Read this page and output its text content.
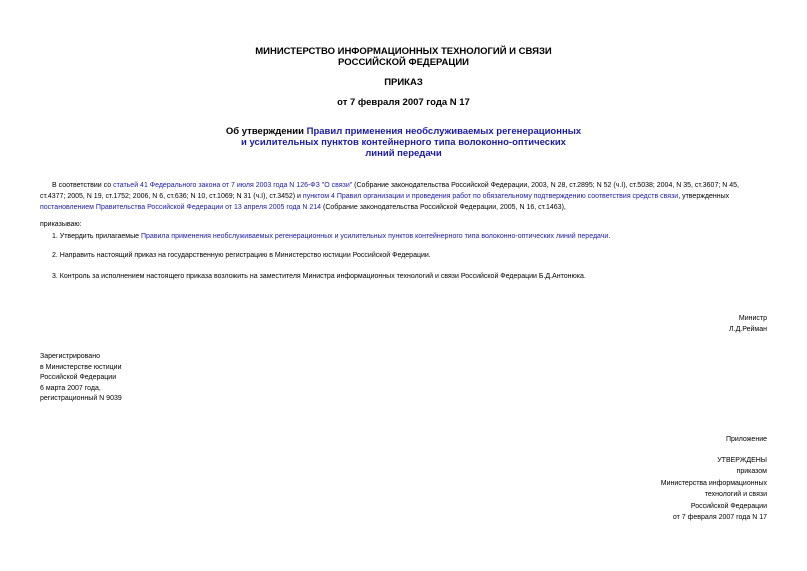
МИНИСТЕРСТВО ИНФОРМАЦИОННЫХ ТЕХНОЛОГИЙ И СВЯЗИ
РОССИЙСКОЙ ФЕДЕРАЦИИ
ПРИКАЗ
от 7 февраля 2007 года N 17
Об утверждении Правил применения необслуживаемых регенерационных
и усилительных пунктов контейнерного типа волоконно-оптических
линий передачи
В соответствии со статьей 41 Федерального закона от 7 июля 2003 года N 126-ФЗ "О связи" (Собрание законодательства Российской Федерации, 2003, N 28, ст.2895; N 52 (ч.I), ст.5038; 2004, N 35, ст.3607; N 45,
ст.4377; 2005, N 19, ст.1752; 2006, N 6, ст.636; N 10, ст.1069; N 31 (ч.I), ст.3452) и пунктом 4 Правил организации и проведения работ по обязательному подтверждению соответствия средств связи, утвержденных
постановлением Правительства Российской Федерации от 13 апреля 2005 года N 214 (Собрание законодательства Российской Федерации, 2005, N 16, ст.1463),
приказываю:
1. Утвердить прилагаемые Правила применения необслуживаемых регенерационных и усилительных пунктов контейнерного типа волоконно-оптических линий передачи.
2. Направить настоящий приказ на государственную регистрацию в Министерство юстиции Российской Федерации.
3. Контроль за исполнением настоящего приказа возложить на заместителя Министра информационных технологий и связи Российской Федерации Б.Д.Антонюка.
Министр
Л.Д.Рейман
Зарегистрировано
в Министерстве юстиции
Российской Федерации
6 марта 2007 года,
регистрационный N 9039
Приложение
УТВЕРЖДЕНЫ
приказом
Министерства информационных
технологий и связи
Российской Федерации
от 7 февраля 2007 года N 17
